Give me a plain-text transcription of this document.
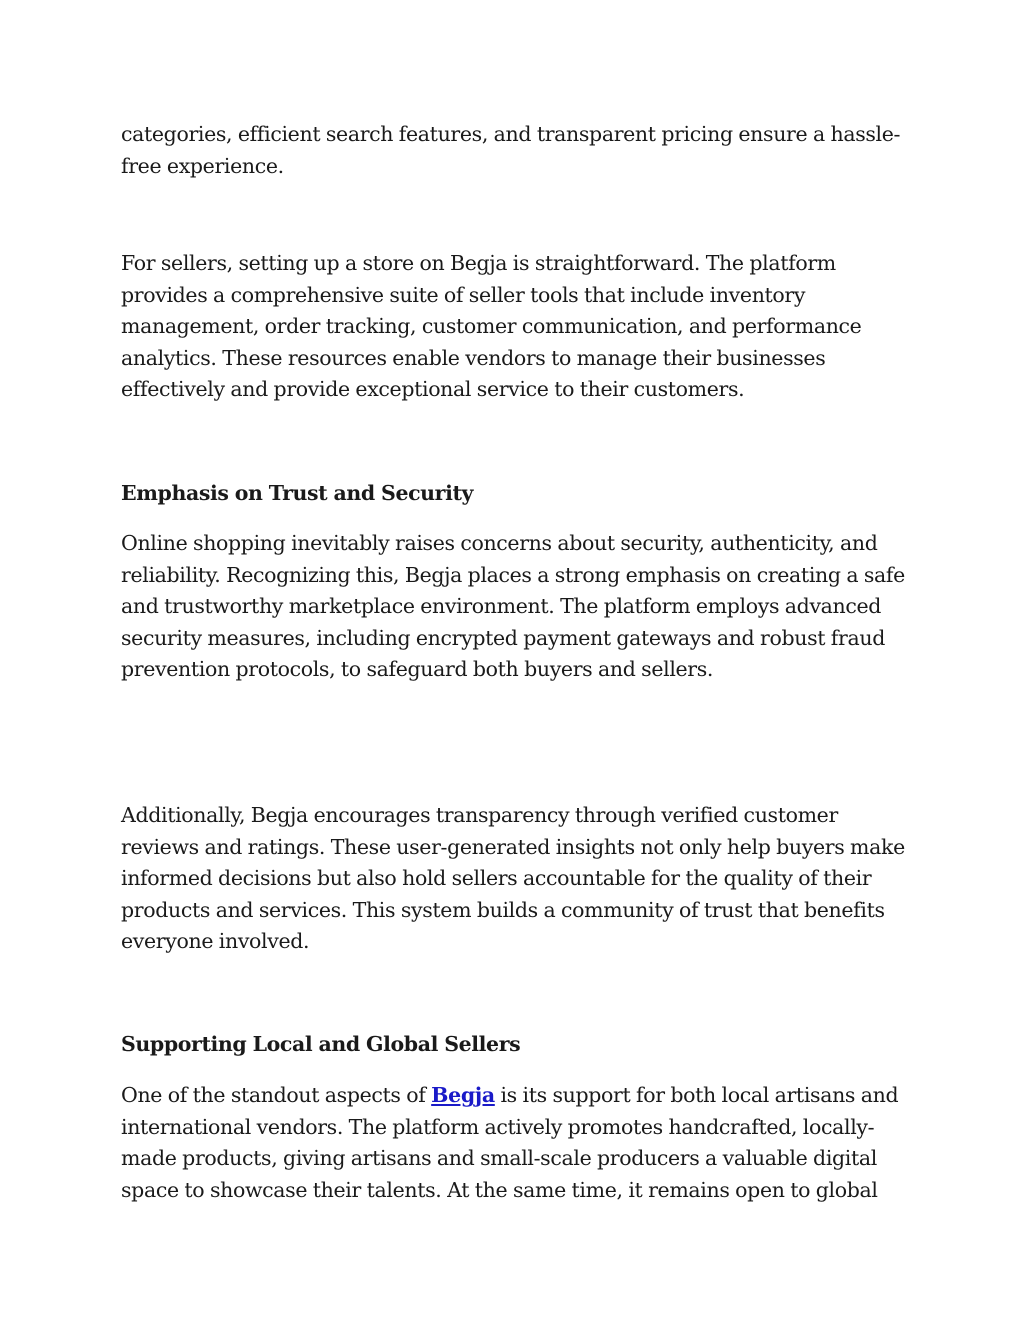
categories, efficient search features, and transparent pricing ensure a hassle-
free experience.

For sellers, setting up a store on Begja is straightforward. The platform
provides a comprehensive suite of seller tools that include inventory
management, order tracking, customer communication, and performance
analytics. These resources enable vendors to manage their businesses
effectively and provide exceptional service to their customers.

Emphasis on Trust and Security

Online shopping inevitably raises concerns about security, authenticity, and
reliability. Recognizing this, Begja places a strong emphasis on creating a safe
and trustworthy marketplace environment. The platform employs advanced
security measures, including encrypted payment gateways and robust fraud
prevention protocols, to safeguard both buyers and sellers.

Additionally, Begja encourages transparency through verified customer
reviews and ratings. These user-generated insights not only help buyers make
informed decisions but also hold sellers accountable for the quality of their
products and services. This system builds a community of trust that benefits
everyone involved.

Supporting Local and Global Sellers

One of the standout aspects of Begja is its support for both local artisans and
international vendors. The platform actively promotes handcrafted, locally-
made products, giving artisans and small-scale producers a valuable digital
space to showcase their talents. At the same time, it remains open to global
